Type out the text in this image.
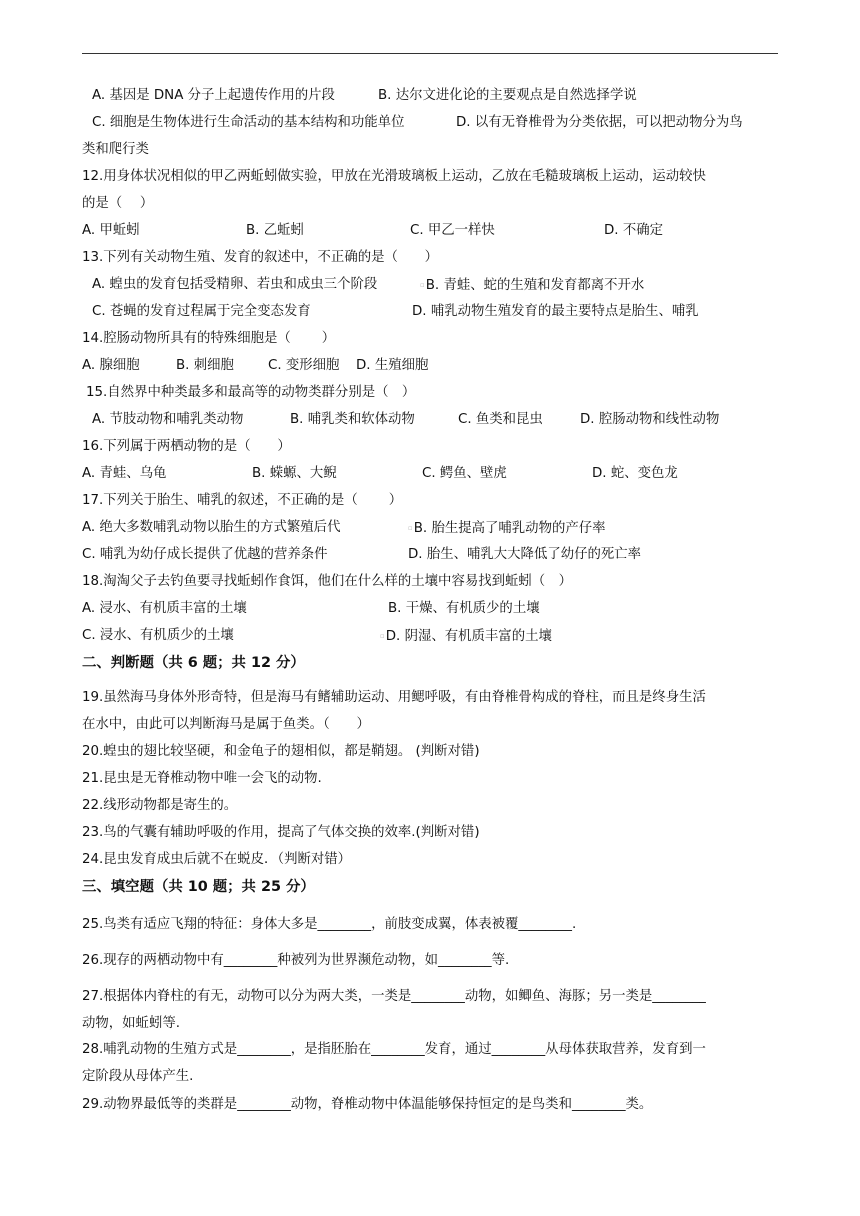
A. 基因是 DNA 分子上起遗传作用的片段	B. 达尔文进化论的主要观点是自然选择学说
C. 细胞是生物体进行生命活动的基本结构和功能单位	D. 以有无脊椎骨为分类依据，可以把动物分为鸟
类和爬行类
12.用身体状况相似的甲乙两蚯蚓做实验，甲放在光滑玻璃板上运动，乙放在毛糙玻璃板上运动，运动较快
的是（　 ）
A. 甲蚯蚓	B. 乙蚯蚓	C. 甲乙一样快	D. 不确定
13.下列有关动物生殖、发育的叙述中，不正确的是（　　）
A. 蝗虫的发育包括受精卵、若虫和成虫三个阶段	▫B. 青蛙、蛇的生殖和发育都离不开水
C. 苍蝇的发育过程属于完全变态发育	D. 哺乳动物生殖发育的最主要特点是胎生、哺乳
14.腔肠动物所具有的特殊细胞是（　　 ）
A. 腺细胞	B. 刺细胞	C. 变形细胞 D. 生殖细胞
15.自然界中种类最多和最高等的动物类群分别是（　）
A. 节肢动物和哺乳类动物	B. 哺乳类和软体动物	C. 鱼类和昆虫	D. 腔肠动物和线性动物
16.下列属于两栖动物的是（　　）
A. 青蛙、乌龟	B. 蝾螈、大鲵	C. 鳄鱼、壁虎	D. 蛇、变色龙
17.下列关于胎生、哺乳的叙述，不正确的是（　　 ）
A. 绝大多数哺乳动物以胎生的方式繁殖后代	▫B. 胎生提高了哺乳动物的产仔率
C. 哺乳为幼仔成长提供了优越的营养条件	D. 胎生、哺乳大大降低了幼仔的死亡率
18.淘淘父子去钓鱼要寻找蚯蚓作食饵，他们在什么样的土壤中容易找到蚯蚓（　）
A. 浸水、有机质丰富的土壤	B. 干燥、有机质少的土壤
C. 浸水、有机质少的土壤	▫D. 阴湿、有机质丰富的土壤
二、判断题（共 6 题；共 12 分）
19.虽然海马身体外形奇特，但是海马有鳍辅助运动、用鳃呼吸，有由脊椎骨构成的脊柱，而且是终身生活
在水中，由此可以判断海马是属于鱼类。（　　）
20.蝗虫的翅比较坚硬，和金龟子的翅相似，都是鞘翅。 (判断对错)
21.昆虫是无脊椎动物中唯一会飞的动物.
22.线形动物都是寄生的。
23.鸟的气囊有辅助呼吸的作用，提高了气体交换的效率.(判断对错)
24.昆虫发育成虫后就不在蜕皮．（判断对错）
三、填空题（共 10 题；共 25 分）
25.鸟类有适应飞翔的特征：身体大多是________，前肢变成翼，体表被覆________.
26.现存的两栖动物中有________种被列为世界濒危动物，如________等.
27.根据体内脊柱的有无，动物可以分为两大类，一类是________动物，如鲫鱼、海豚；另一类是________
动物，如蚯蚓等.
28.哺乳动物的生殖方式是________，是指胚胎在________发育，通过________从母体获取营养，发育到一
定阶段从母体产生.
29.动物界最低等的类群是________动物，脊椎动物中体温能够保持恒定的是鸟类和________类。
